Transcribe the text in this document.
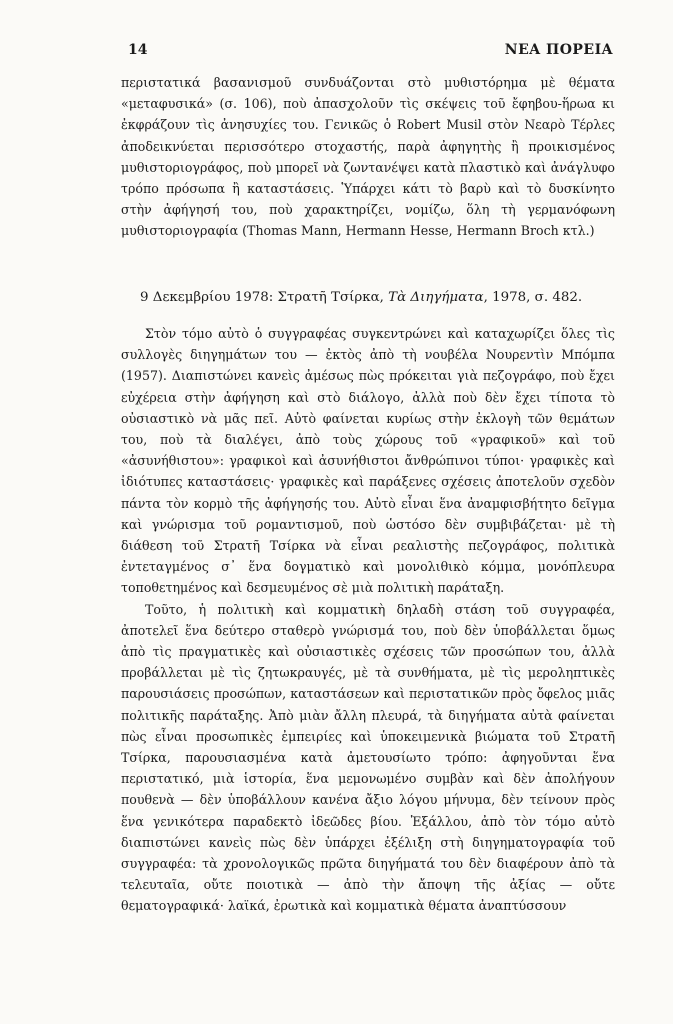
14	ΝΕΑ ΠΟΡΕΙΑ

περιστατικά βασανισμοῦ συνδυάζονται στὸ μυθιστόρημα μὲ θέματα «μεταφυσικά» (σ. 106), ποὺ ἀπασχολοῦν τὶς σκέψεις τοῦ ἔφηβου-ἥρωα κι ἐκφράζουν τὶς ἀνησυχίες του. Γενικῶς ὁ Robert Musil στὸν Νεαρὸ Τέρλες ἀποδεικνύεται περισσότερο στοχαστής, παρὰ ἀφηγητὴς ἢ προικισμένος μυθιστοριογράφος, ποὺ μπορεῖ νὰ ζωντανέψει κατὰ πλαστικὸ καὶ ἀνάγλυφο τρόπο πρόσωπα ἢ καταστάσεις. Ὑπάρχει κάτι τὸ βαρὺ καὶ τὸ δυσκίνητο στὴν ἀφήγησή του, ποὺ χαρακτηρίζει, νομίζω, ὅλη τὴ γερμανόφωνη μυθιστοριογραφία (Thomas Mann, Hermann Hesse, Hermann Broch κτλ.)

9 Δεκεμβρίου 1978: Στρατῆ Τσίρκα, Τὰ Διηγήματα, 1978, σ. 482.

Στὸν τόμο αὐτὸ ὁ συγγραφέας συγκεντρώνει καὶ καταχωρίζει ὅλες τὶς συλλογὲς διηγημάτων του — ἐκτὸς ἀπὸ τὴ νουβέλα Νουρεντὶν Μπόμπα (1957). Διαπιστώνει κανεὶς ἀμέσως πὼς πρόκειται γιὰ πεζογράφο, ποὺ ἔχει εὐχέρεια στὴν ἀφήγηση καὶ στὸ διάλογο, ἀλλὰ ποὺ δὲν ἔχει τίποτα τὸ οὐσιαστικὸ νὰ μᾶς πεῖ. Αὐτὸ φαίνεται κυρίως στὴν ἐκλογὴ τῶν θεμάτων του, ποὺ τὰ διαλέγει, ἀπὸ τοὺς χώρους τοῦ «γραφικοῦ» καὶ τοῦ «ἀσυνήθιστου»: γραφικοὶ καὶ ἀσυνήθιστοι ἄνθρώπινοι τύποι· γραφικὲς καὶ ἰδιότυπες καταστάσεις· γραφικὲς καὶ παράξενες σχέσεις ἀποτελοῦν σχεδὸν πάντα τὸν κορμὸ τῆς ἀφήγησής του. Αὐτὸ εἶναι ἕνα ἀναμφισβήτητο δεῖγμα καὶ γνώρισμα τοῦ ρομαντισμοῦ, ποὺ ὡστόσο δὲν συμβιβάζεται· μὲ τὴ διάθεση τοῦ Στρατῆ Τσίρκα νὰ εἶναι ρεαλιστὴς πεζογράφος, πολιτικὰ ἐντεταγμένος σ᾽ ἕνα δογματικὸ καὶ μονολιθικὸ κόμμα, μονόπλευρα τοποθετημένος καὶ δεσμευμένος σὲ μιὰ πολιτικὴ παράταξη.

Τοῦτο, ἡ πολιτικὴ καὶ κομματικὴ δηλαδὴ στάση τοῦ συγγραφέα, ἀποτελεῖ ἕνα δεύτερο σταθερὸ γνώρισμά του, ποὺ δὲν ὑποβάλλεται ὅμως ἀπὸ τὶς πραγματικὲς καὶ οὐσιαστικὲς σχέσεις τῶν προσώπων του, ἀλλὰ προβάλλεται μὲ τὶς ζητωκραυγές, μὲ τὰ συνθήματα, μὲ τὶς μεροληπτικὲς παρουσιάσεις προσώπων, καταστάσεων καὶ περιστατικῶν πρὸς ὄφελος μιᾶς πολιτικῆς παράταξης. Ἀπὸ μιὰν ἄλλη πλευρά, τὰ διηγήματα αὐτὰ φαίνεται πὼς εἶναι προσωπικὲς ἐμπειρίες καὶ ὑποκειμενικὰ βιώματα τοῦ Στρατῆ Τσίρκα, παρουσιασμένα κατὰ ἀμετουσίωτο τρόπο: ἀφηγοῦνται ἕνα περιστατικό, μιὰ ἱστορία, ἕνα μεμονωμένο συμβὰν καὶ δὲν ἀπολήγουν πουθενὰ — δὲν ὑποβάλλουν κανένα ἄξιο λόγου μήνυμα, δὲν τείνουν πρὸς ἕνα γενικότερα παραδεκτὸ ἰδεῶδες βίου. Ἐξάλλου, ἀπὸ τὸν τόμο αὐτὸ διαπιστώνει κανεὶς πὼς δὲν ὑπάρχει ἐξέλιξη στὴ διηγηματογραφία τοῦ συγγραφέα: τὰ χρονολογικῶς πρῶτα διηγήματά του δὲν διαφέρουν ἀπὸ τὰ τελευταῖα, οὔτε ποιοτικὰ — ἀπὸ τὴν ἄποψη τῆς ἀξίας — οὔτε θεματογραφικά· λαϊκά, ἐρωτικὰ καὶ κομματικὰ θέματα ἀναπτύσσουν
